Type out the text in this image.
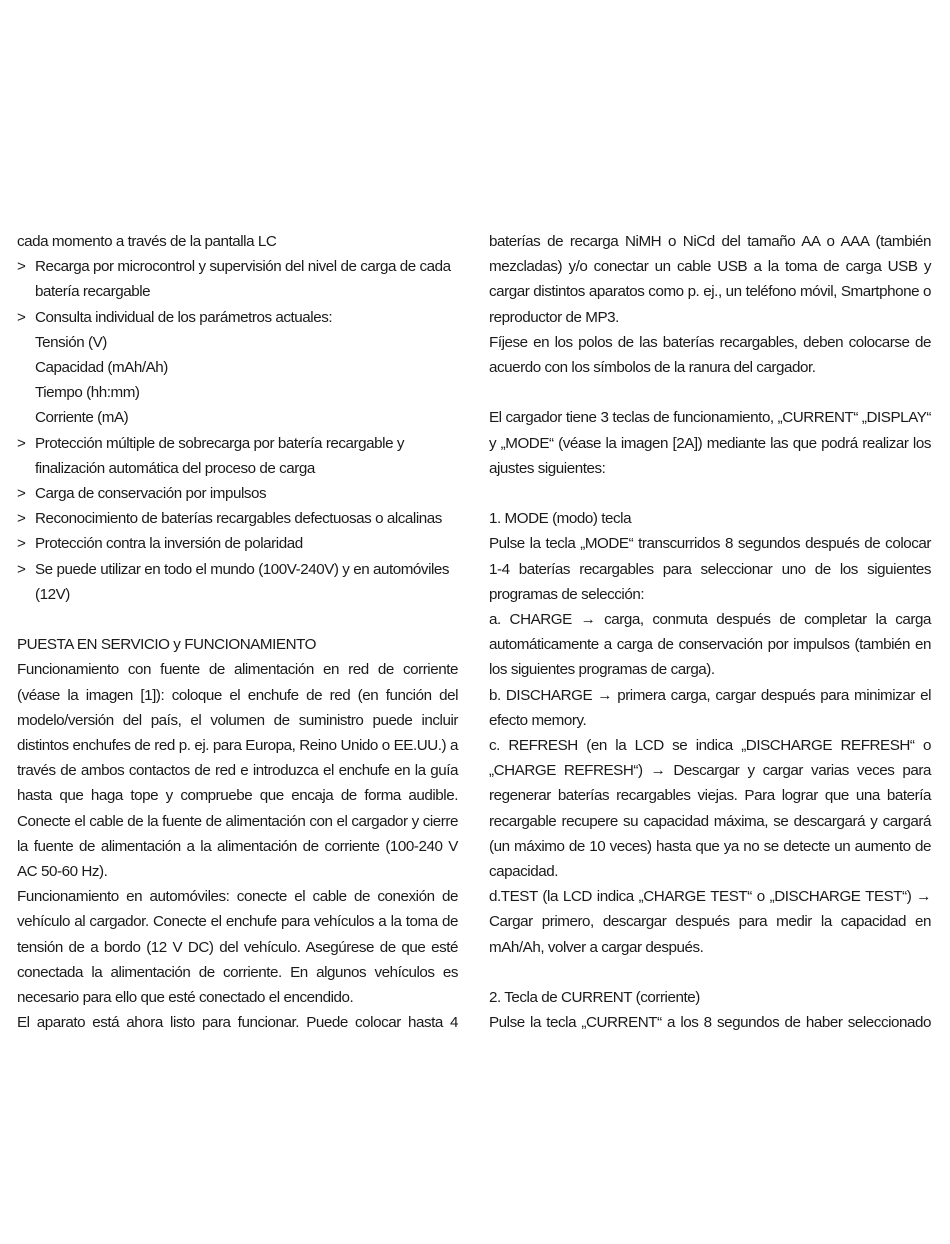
cada momento a través de la pantalla LC

> Recarga por microcontrol y supervisión del nivel de carga de cada batería recargable

> Consulta individual de los parámetros actuales:

Tensión (V)

Capacidad (mAh/Ah)

Tiempo (hh:mm)

Corriente (mA)

> Protección múltiple de sobrecarga por batería recargable y finalización automática del proceso de carga

> Carga de conservación por impulsos

> Reconocimiento de baterías recargables defectuosas o alcalinas

> Protección contra la inversión de polaridad

> Se puede utilizar en todo el mundo (100V-240V) y en automóviles (12V)

PUESTA EN SERVICIO y FUNCIONAMIENTO

Funcionamiento con fuente de alimentación en red de corriente (véase la imagen [1]): coloque el enchufe de red (en función del modelo/versión del país, el volumen de suministro puede incluir distintos enchufes de red p. ej. para Europa, Reino Unido o EE.UU.) a través de ambos contactos de red e introduzca el enchufe en la guía hasta que haga tope y compruebe que encaja de forma audible. Conecte el cable de la fuente de alimentación con el cargador y cierre la fuente de alimentación a la alimentación de corriente (100-240 V AC 50-60 Hz).

Funcionamiento en automóviles: conecte el cable de conexión de vehículo al cargador. Conecte el enchufe para vehículos a la toma de tensión de a bordo (12 V DC) del vehículo. Asegúrese de que esté conectada la alimentación de corriente. En algunos vehículos es necesario para ello que esté conectado el encendido.

El aparato está ahora listo para funcionar. Puede colocar hasta 4

baterías de recarga NiMH o NiCd del tamaño AA o AAA (también mezcladas) y/o conectar un cable USB a la toma de carga USB y cargar distintos aparatos como p. ej., un teléfono móvil, Smartphone o reproductor de MP3.

Fíjese en los polos de las baterías recargables, deben colocarse de acuerdo con los símbolos de la ranura del cargador.

El cargador tiene 3 teclas de funcionamiento, „CURRENT“ „DISPLAY“ y „MODE“ (véase la imagen [2A]) mediante las que podrá realizar los ajustes siguientes:

1. MODE (modo) tecla

Pulse la tecla „MODE“ transcurridos 8 segundos después de colocar 1-4 baterías recargables para seleccionar uno de los siguientes programas de selección:

a. CHARGE → carga, conmuta después de completar la carga automáticamente a carga de conservación por impulsos (también en los siguientes programas de carga).

b. DISCHARGE → primera carga, cargar después para minimizar el efecto memory.

c. REFRESH (en la LCD se indica „DISCHARGE REFRESH“ o „CHARGE REFRESH“) → Descargar y cargar varias veces para regenerar baterías recargables viejas. Para lograr que una batería recargable recupere su capacidad máxima, se descargará y cargará (un máximo de 10 veces) hasta que ya no se detecte un aumento de capacidad.

d.TEST (la LCD indica „CHARGE TEST“ o „DISCHARGE TEST“) → Cargar primero, descargar después para medir la capacidad en mAh/Ah, volver a cargar después.

2. Tecla de CURRENT (corriente)

Pulse la tecla „CURRENT“ a los 8 segundos de haber seleccionado
